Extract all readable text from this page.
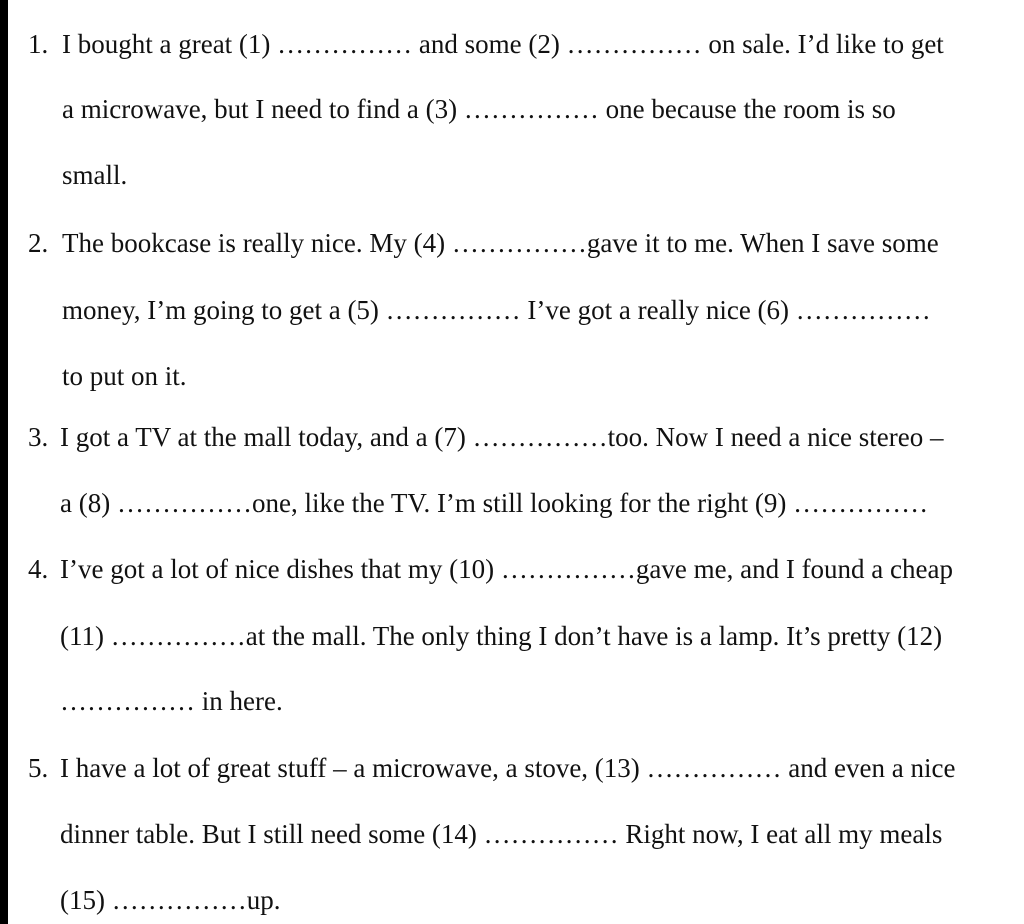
1. I bought a great (1) …………… and some (2) …………… on sale. I’d like to get
a microwave, but I need to find a (3) …………… one because the room is so
small.
2. The bookcase is really nice. My (4) ……………gave it to me. When I save some
money, I’m going to get a (5) …………… I’ve got a really nice (6) ……………
to put on it.
3. I got a TV at the mall today, and a (7) ……………too. Now I need a nice stereo –
a (8) ……………one, like the TV. I’m still looking for the right (9) ……………
4. I’ve got a lot of nice dishes that my (10) ……………gave me, and I found a cheap
(11) ……………at the mall. The only thing I don’t have is a lamp. It’s pretty (12)
…………… in here.
5. I have a lot of great stuff – a microwave, a stove, (13) …………… and even a nice
dinner table. But I still need some (14) …………… Right now, I eat all my meals
(15) ……………up.
